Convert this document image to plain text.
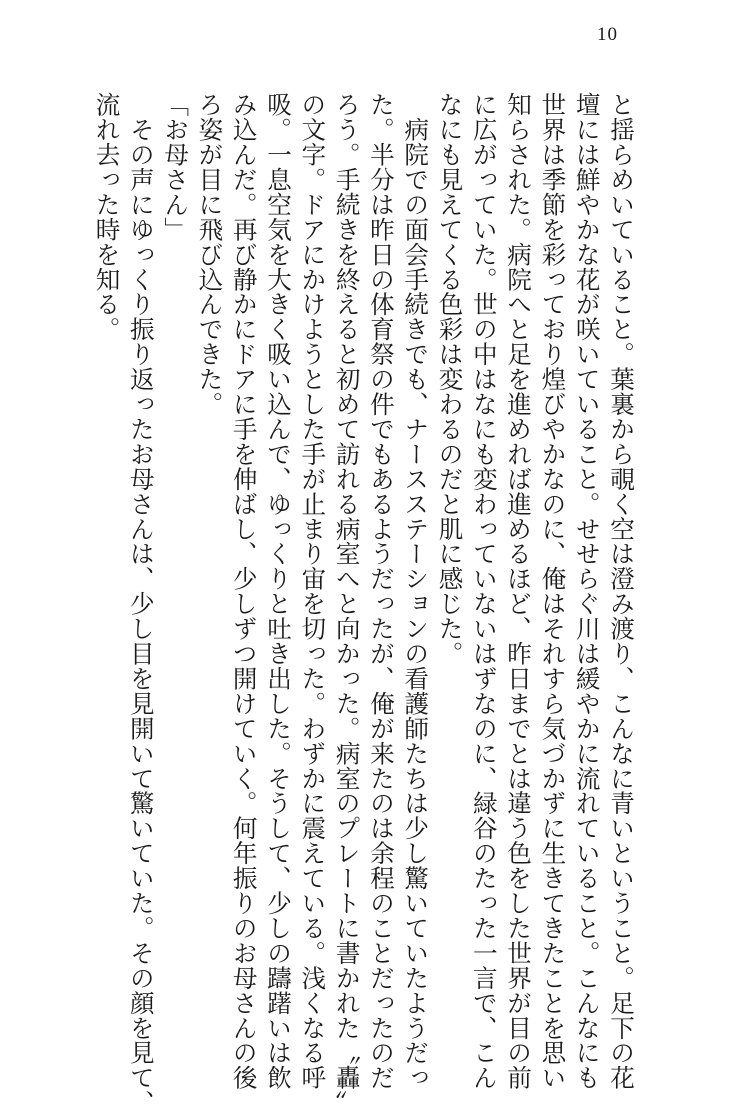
10
と揺らめいていること。葉裏から覗く空は澄み渡り、こんなに青いということ。足下の花
壇には鮮やかな花が咲いていること。せせらぐ川は緩やかに流れていること。こんなにも
世界は季節を彩っており煌びやかなのに、俺はそれすら気づかずに生きてきたことを思い
知らされた。病院へと足を進めれば進めるほど、昨日までとは違う色をした世界が目の前
に広がっていた。世の中はなにも変わっていないはずなのに、緑谷のたった一言で、こん
なにも見えてくる色彩は変わるのだと肌に感じた。
　病院での面会手続きでも、ナースステーションの看護師たちは少し驚いていたようだっ
た。半分は昨日の体育祭の件でもあるようだったが、俺が来たのは余程のことだったのだ
ろう。手続きを終えると初めて訪れる病室へと向かった。病室のプレートに書かれた〝轟〟
の文字。ドアにかけようとした手が止まり宙を切った。わずかに震えている。浅くなる呼
吸。一息空気を大きく吸い込んで、ゆっくりと吐き出した。そうして、少しの躊躇いは飲
み込んだ。再び静かにドアに手を伸ばし、少しずつ開けていく。何年振りのお母さんの後
ろ姿が目に飛び込んできた。
「お母さん」
　その声にゆっくり振り返ったお母さんは、少し目を見開いて驚いていた。その顔を見て、
流れ去った時を知る。
